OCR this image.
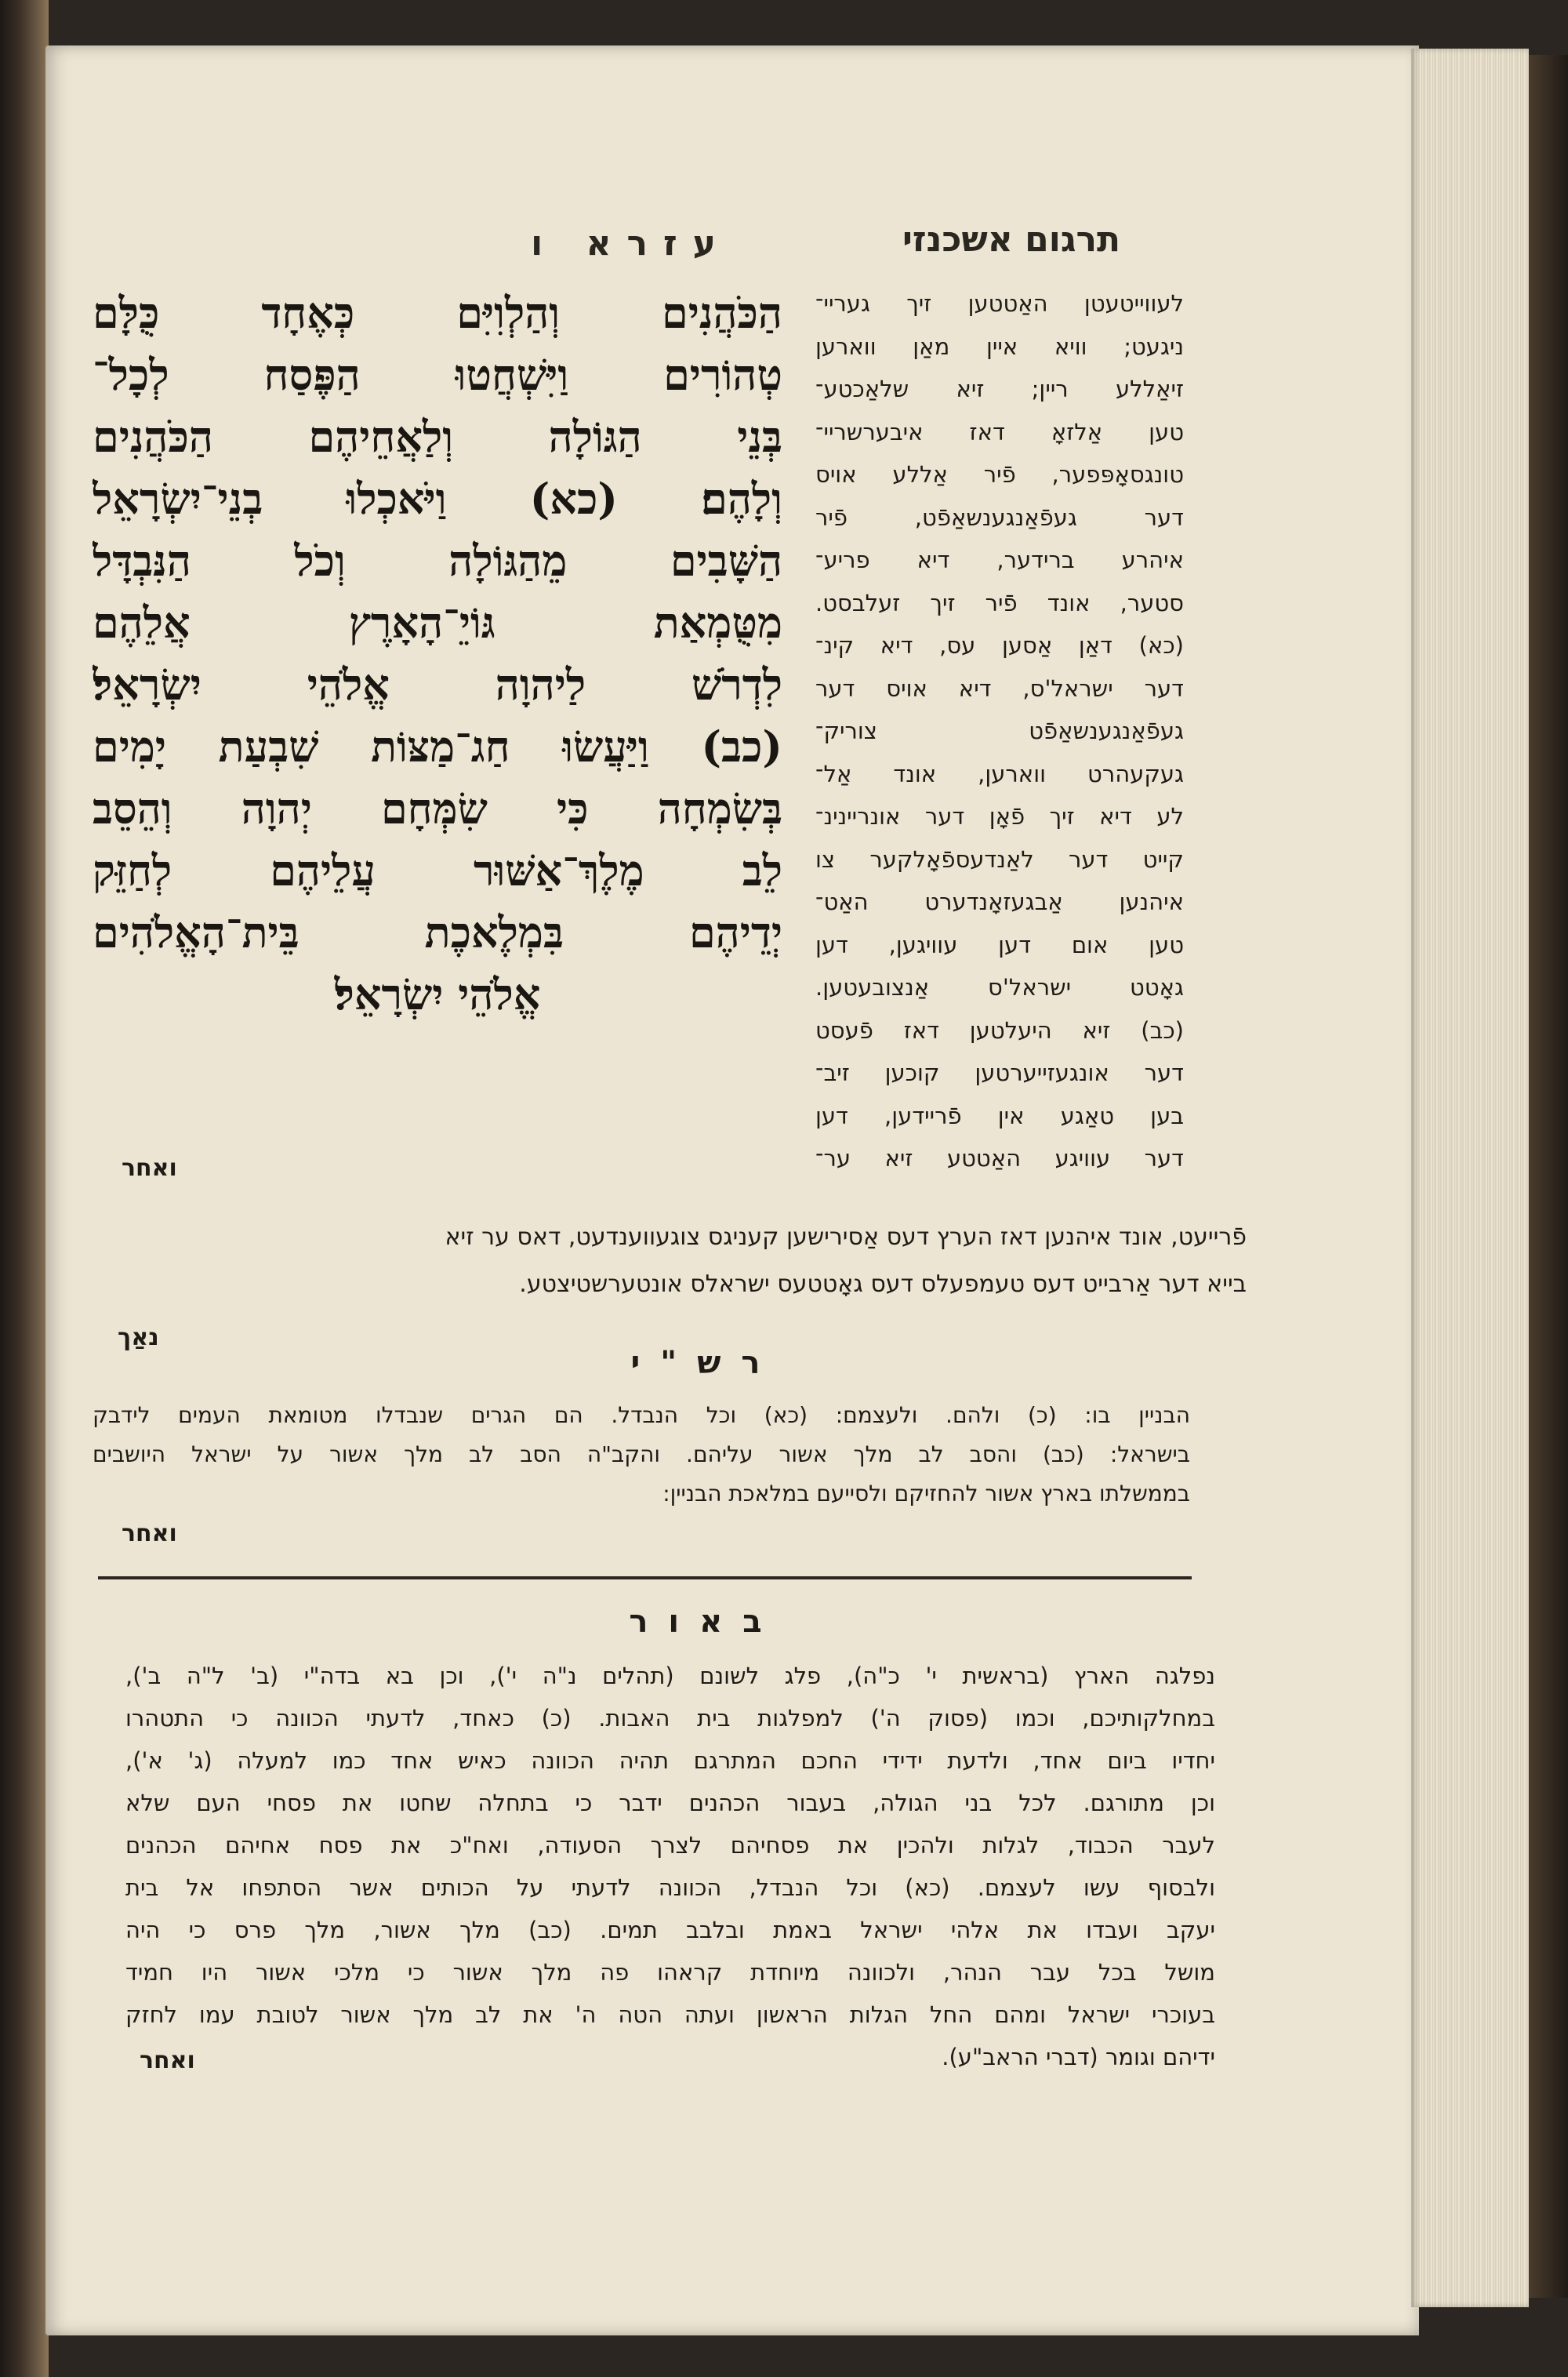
תרגום אשכנזי
עזרא ו
לעווייטעטן האַטטען זיך געריי־
ניגעט; וויא איין מאַן ווארען
זיאַללע ריין; זיא שלאַכטע־
טען אַלזאָ דאז איבערשריי־
טונגסאָפּפער, פֿיר אַללע אויס
דער געפֿאַנגענשאַפֿט, פֿיר
איהרע ברידער, דיא פריע־
סטער, אונד פֿיר זיך זעלבסט.
(כא) דאַן אַסען עס, דיא קינ־
דער ישראל'ס, דיא אויס דער
געפֿאַנגענשאַפֿט צוריק־
געקעהרט ווארען, אונד אַל־
לע דיא זיך פֿאָן דער אונריינינ־
קייט דער לאַנדעספֿאָלקער צו
איהנען אַבגעזאָנדערט האַט־
טען אום דען עוויגען, דען
גאָטט ישראל'ס אַנצובעטען.
(כב) זיא היעלטען דאז פֿעסט
דער אונגעזייערטען קוכען זיב־
בען טאַגע אין פֿריידען, דען
דער עוויגע האַטטע זיא ער־
הַכֹּהֲנִים וְהַלְוִיִּם כְּאֶחָד כֻּלָּם
טְהוֹרִים וַיִּשְׁחֲטוּ הַפֶּסַח לְכָל־
בְּנֵי הַגּוֹלָה וְלַאֲחֵיהֶם הַכֹּהֲנִים
וְלָהֶם׃ (כא) וַיֹּאכְלוּ בְנֵי־יִשְׂרָאֵל
הַשָּׁבִים מֵהַגּוֹלָה וְכֹל הַנִּבְדָּל
מִטֻּמְאַת גּוֹיֵ־הָאָרֶץ אֲלֵהֶם
לִדְרֹשׁ לַיהוָה אֱלֹהֵי יִשְׂרָאֵל׃
(כב) וַיַּעֲשׂוּ חַג־מַצּוֹת שִׁבְעַת יָמִים
בְּשִׂמְחָה כִּי שִׂמְּחָם יְהוָה וְהֵסֵב
לֵב מֶלֶךְ־אַשּׁוּר עֲלֵיהֶם לְחַזֵּק
יְדֵיהֶם בִּמְלֶאכֶת בֵּית־הָאֱלֹהִים
אֱלֹהֵי יִשְׂרָאֵל׃
ואחר
פֿרייעט, אונד איהנען דאז הערץ דעס אַסירישען קעניגס צוגעווענדעט, דאס ער זיא
בייא דער אַרבייט דעס טעמפעלס דעס גאָטטעס ישראלס אונטערשטיצטע.
נאַך
רש"י
הבניין בו: (כ) ולהם. ולעצמם: (כא) וכל הנבדל. הם הגרים שנבדלו מטומאת העמים לידבק
בישראל: (כב) והסב לב מלך אשור עליהם. והקב"ה הסב לב מלך אשור על ישראל היושבים
בממשלתו בארץ אשור להחזיקם ולסייעם במלאכת הבניין:
ואחר
באור
נפלגה הארץ (בראשית י' כ"ה), פלג לשונם (תהלים נ"ה י'), וכן בא בדה"י (ב' ל"ה ב'),
במחלקותיכם, וכמו (פסוק ה') למפלגות בית האבות. (כ) כאחד, לדעתי הכוונה כי התטהרו
יחדיו ביום אחד, ולדעת ידידי החכם המתרגם תהיה הכוונה כאיש אחד כמו למעלה (ג' א'),
וכן מתורגם. לכל בני הגולה, בעבור הכהנים ידבר כי בתחלה שחטו את פסחי העם שלא
לעבר הכבוד, לגלות ולהכין את פסחיהם לצרך הסעודה, ואח"כ את פסח אחיהם הכהנים
ולבסוף עשו לעצמם. (כא) וכל הנבדל, הכוונה לדעתי על הכותים אשר הסתפחו אל בית
יעקב ועבדו את אלהי ישראל באמת ובלבב תמים. (כב) מלך אשור, מלך פרס כי היה
מושל בכל עבר הנהר, ולכוונה מיוחדת קראהו פה מלך אשור כי מלכי אשור היו חמיד
בעוכרי ישראל ומהם החל הגלות הראשון ועתה הטה ה' את לב מלך אשור לטובת עמו לחזק
ידיהם וגומר (דברי הראב"ע).
ואחר
